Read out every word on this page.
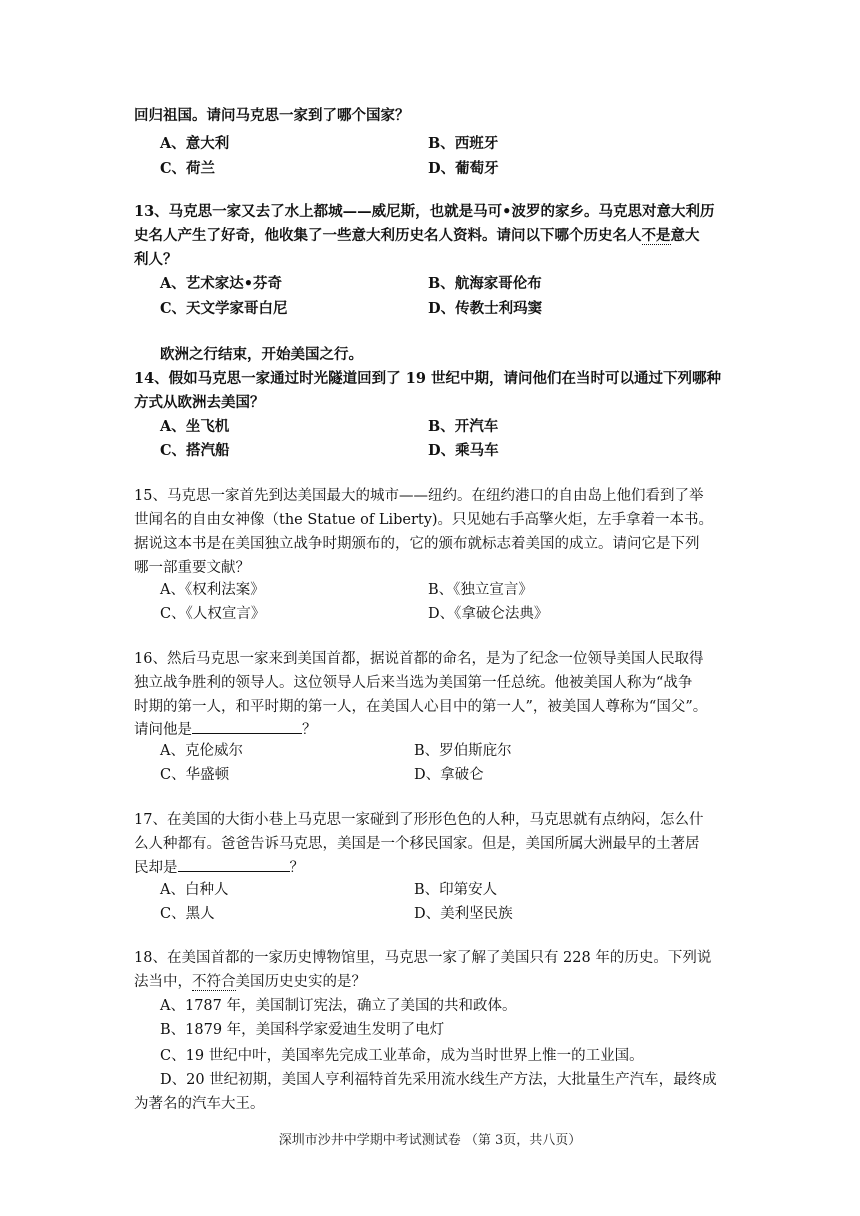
回归祖国。请问马克思一家到了哪个国家？
A、意大利	B、西班牙
C、荷兰	D、葡萄牙
13、马克思一家又去了水上都城——威尼斯，也就是马可•波罗的家乡。马克思对意大利历
史名人产生了好奇，他收集了一些意大利历史名人资料。请问以下哪个历史名人不是意大
利人？
A、艺术家达•芬奇	B、航海家哥伦布
C、天文学家哥白尼	D、传教士利玛窦
欧洲之行结束，开始美国之行。
14、假如马克思一家通过时光隧道回到了 19 世纪中期，请问他们在当时可以通过下列哪种
方式从欧洲去美国？
A、坐飞机	B、开汽车
C、搭汽船	D、乘马车
15、马克思一家首先到达美国最大的城市——纽约。在纽约港口的自由岛上他们看到了举
世闻名的自由女神像（the Statue of Liberty)。只见她右手高擎火炬，左手拿着一本书。
据说这本书是在美国独立战争时期颁布的，它的颁布就标志着美国的成立。请问它是下列
哪一部重要文献？
A、《权利法案》	B、《独立宣言》
C、《人权宣言》	D、《拿破仑法典》
16、然后马克思一家来到美国首都，据说首都的命名，是为了纪念一位领导美国人民取得
独立战争胜利的领导人。这位领导人后来当选为美国第一任总统。他被美国人称为“战争
时期的第一人，和平时期的第一人，在美国人心目中的第一人”，被美国人尊称为“国父”。
请问他是	？
A、克伦威尔	B、罗伯斯庇尔
C、华盛顿	D、拿破仑
17、在美国的大街小巷上马克思一家碰到了形形色色的人种，马克思就有点纳闷，怎么什
么人种都有。爸爸告诉马克思，美国是一个移民国家。但是，美国所属大洲最早的土著居
民却是	？
A、白种人	B、印第安人
C、黑人	D、美利坚民族
18、在美国首都的一家历史博物馆里，马克思一家了解了美国只有 228 年的历史。下列说
法当中，不符合美国历史史实的是？
A、1787 年，美国制订宪法，确立了美国的共和政体。
B、1879 年，美国科学家爱迪生发明了电灯
C、19 世纪中叶，美国率先完成工业革命，成为当时世界上惟一的工业国。
D、20 世纪初期，美国人亨利福特首先采用流水线生产方法，大批量生产汽车，最终成
为著名的汽车大王。
深圳市沙井中学期中考试测试卷 （第 3页，共八页）
